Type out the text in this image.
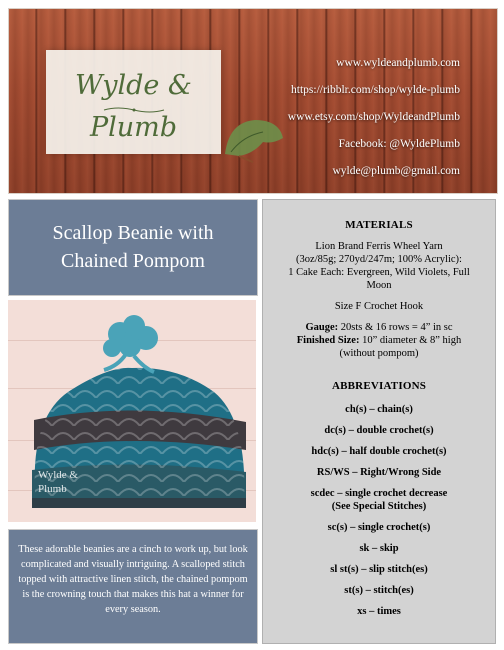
Wylde &
Plumb
www.wyldeandplumb.com
https://ribblr.com/shop/wylde-plumb
www.etsy.com/shop/WyldeandPlumb
Facebook: @WyldePlumb
wylde@plumb@gmail.com
Scallop Beanie with
Chained Pompom
Wylde &
Plumb
These adorable beanies are a cinch to work up, but look complicated and visually intriguing. A scalloped stitch topped with attractive linen stitch, the chained pompom is the crowning touch that makes this hat a winner for every season.
MATERIALS
Lion Brand Ferris Wheel Yarn
(3oz/85g; 270yd/247m; 100% Acrylic):
1 Cake Each: Evergreen, Wild Violets, Full
Moon
Size F Crochet Hook
Gauge: 20sts & 16 rows = 4” in sc
Finished Size: 10” diameter & 8” high
(without pompom)
ABBREVIATIONS
ch(s) – chain(s)
dc(s) – double crochet(s)
hdc(s) – half double crochet(s)
RS/WS – Right/Wrong Side
scdec – single crochet decrease
(See Special Stitches)
sc(s) – single crochet(s)
sk – skip
sl st(s) – slip stitch(es)
st(s) – stitch(es)
xs – times
